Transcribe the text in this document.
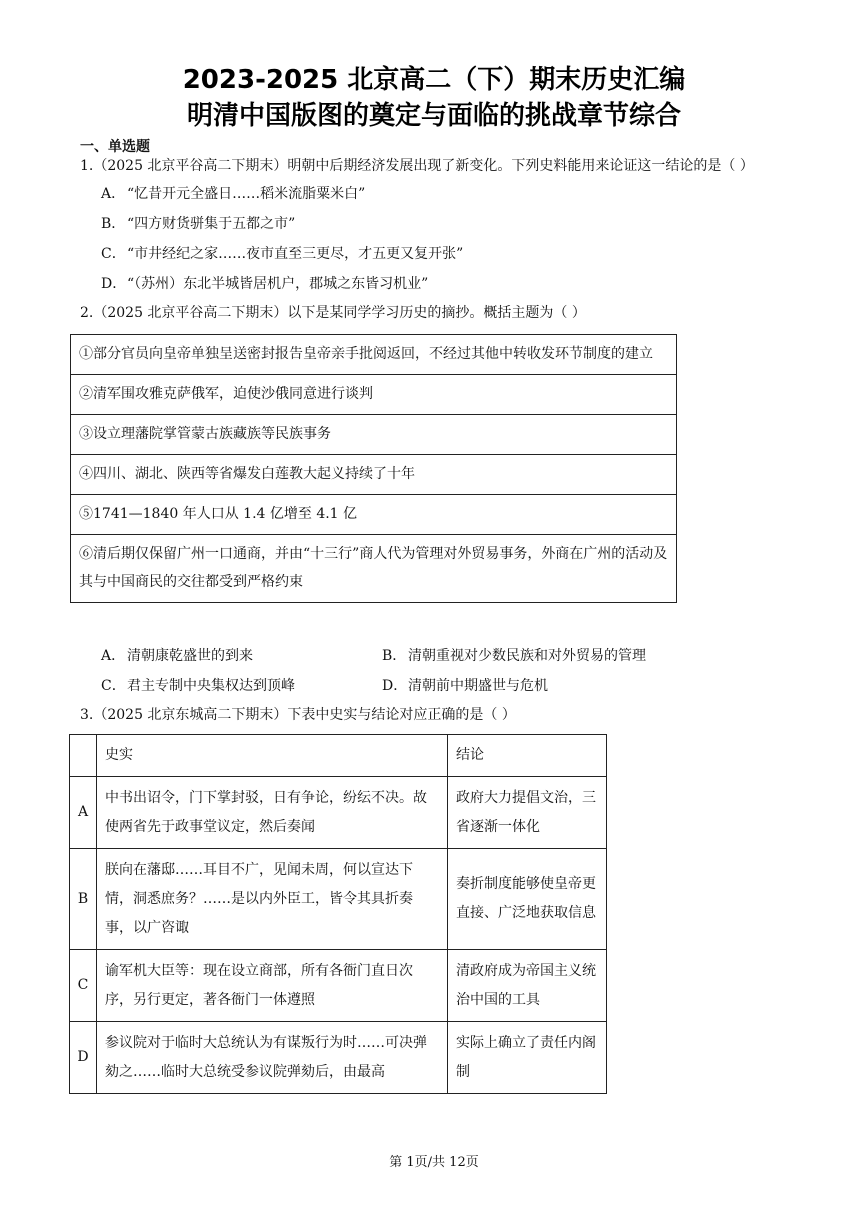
2023-2025 北京高二（下）期末历史汇编
明清中国版图的奠定与面临的挑战章节综合
一、单选题
1.（2025 北京平谷高二下期末）明朝中后期经济发展出现了新变化。下列史料能用来论证这一结论的是（ ）
A． “忆昔开元全盛日……稻米流脂粟米白”
B． “四方财货骈集于五都之市”
C．“市井经纪之家……夜市直至三更尽，才五更又复开张”
D．“（苏州）东北半城皆居机户，郡城之东皆习机业”
2.（2025 北京平谷高二下期末）以下是某同学学习历史的摘抄。概括主题为（ ）
①部分官员向皇帝单独呈送密封报告皇帝亲手批阅返回，不经过其他中转收发环节制度的建立
②清军围攻雅克萨俄军，迫使沙俄同意进行谈判
③设立理藩院掌管蒙古族藏族等民族事务
④四川、湖北、陕西等省爆发白莲教大起义持续了十年
⑤1741—1840 年人口从 1.4 亿增至 4.1 亿
⑥清后期仅保留广州一口通商，并由“十三行”商人代为管理对外贸易事务，外商在广州的活动及其与中国商民的交往都受到严格约束
A． 清朝康乾盛世的到来	B． 清朝重视对少数民族和对外贸易的管理
C．君主专制中央集权达到顶峰	D．清朝前中期盛世与危机
3.（2025 北京东城高二下期末）下表中史实与结论对应正确的是（ ）
	史实	结论
A	中书出诏令，门下掌封驳，日有争论，纷纭不决。故使两省先于政事堂议定，然后奏闻	政府大力提倡文治，三省逐渐一体化
B	朕向在藩邸……耳目不广，见闻未周，何以宣达下情，洞悉庶务？……是以内外臣工，皆令其具折奏事，以广咨诹	奏折制度能够使皇帝更直接、广泛地获取信息
C	谕军机大臣等：现在设立商部，所有各衙门直日次序，另行更定，著各衙门一体遵照	清政府成为帝国主义统治中国的工具
D	参议院对于临时大总统认为有谋叛行为时……可决弹劾之……临时大总统受参议院弹劾后，由最高	实际上确立了责任内阁制
第 1页/共 12页
